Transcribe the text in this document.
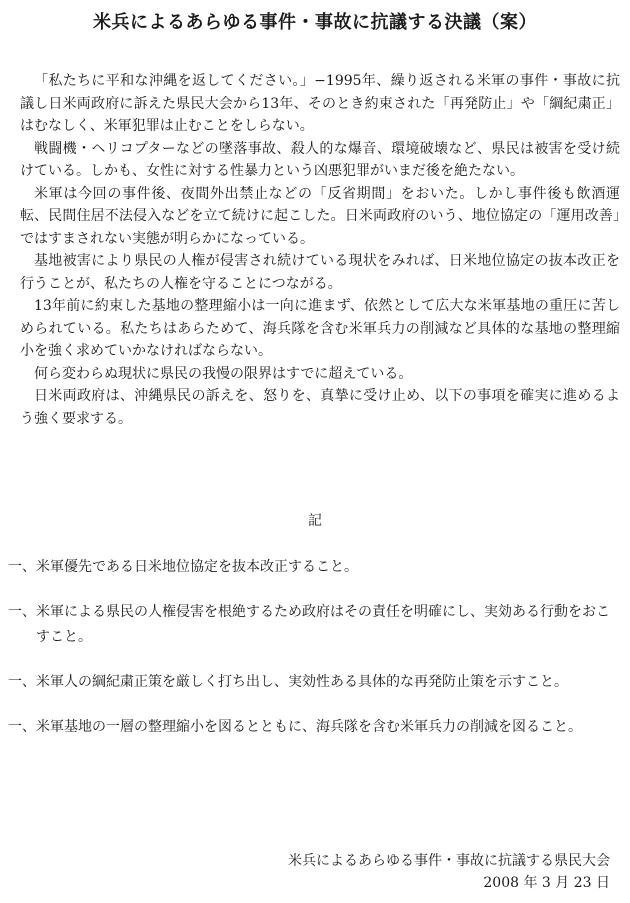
米兵によるあらゆる事件・事故に抗議する決議（案）

「私たちに平和な沖縄を返してください。」−1995年、繰り返される米軍の事件・事故に抗議し日米両政府に訴えた県民大会から13年、そのとき約束された「再発防止」や「綱紀粛正」はむなしく、米軍犯罪は止むことをしらない。

戦闘機・ヘリコプターなどの墜落事故、殺人的な爆音、環境破壊など、県民は被害を受け続けている。しかも、女性に対する性暴力という凶悪犯罪がいまだ後を絶たない。

米軍は今回の事件後、夜間外出禁止などの「反省期間」をおいた。しかし事件後も飲酒運転、民間住居不法侵入などを立て続けに起こした。日米両政府のいう、地位協定の「運用改善」ではすまされない実態が明らかになっている。

基地被害により県民の人権が侵害され続けている現状をみれば、日米地位協定の抜本改正を行うことが、私たちの人権を守ることにつながる。

13年前に約束した基地の整理縮小は一向に進まず、依然として広大な米軍基地の重圧に苦しめられている。私たちはあらためて、海兵隊を含む米軍兵力の削減など具体的な基地の整理縮小を強く求めていかなければならない。

何ら変わらぬ現状に県民の我慢の限界はすでに超えている。

日米両政府は、沖縄県民の訴えを、怒りを、真摯に受け止め、以下の事項を確実に進めるよう強く要求する。

記
一、 米軍優先である日米地位協定を抜本改正すること。
一、 米軍による県民の人権侵害を根絶するため政府はその責任を明確にし、実効ある行動をおこすこと。
一、 米軍人の綱紀粛正策を厳しく打ち出し、実効性ある具体的な再発防止策を示すこと。
一、 米軍基地の一層の整理縮小を図るとともに、海兵隊を含む米軍兵力の削減を図ること。
米兵によるあらゆる事件・事故に抗議する県民大会
2008 年 3 月 23 日
